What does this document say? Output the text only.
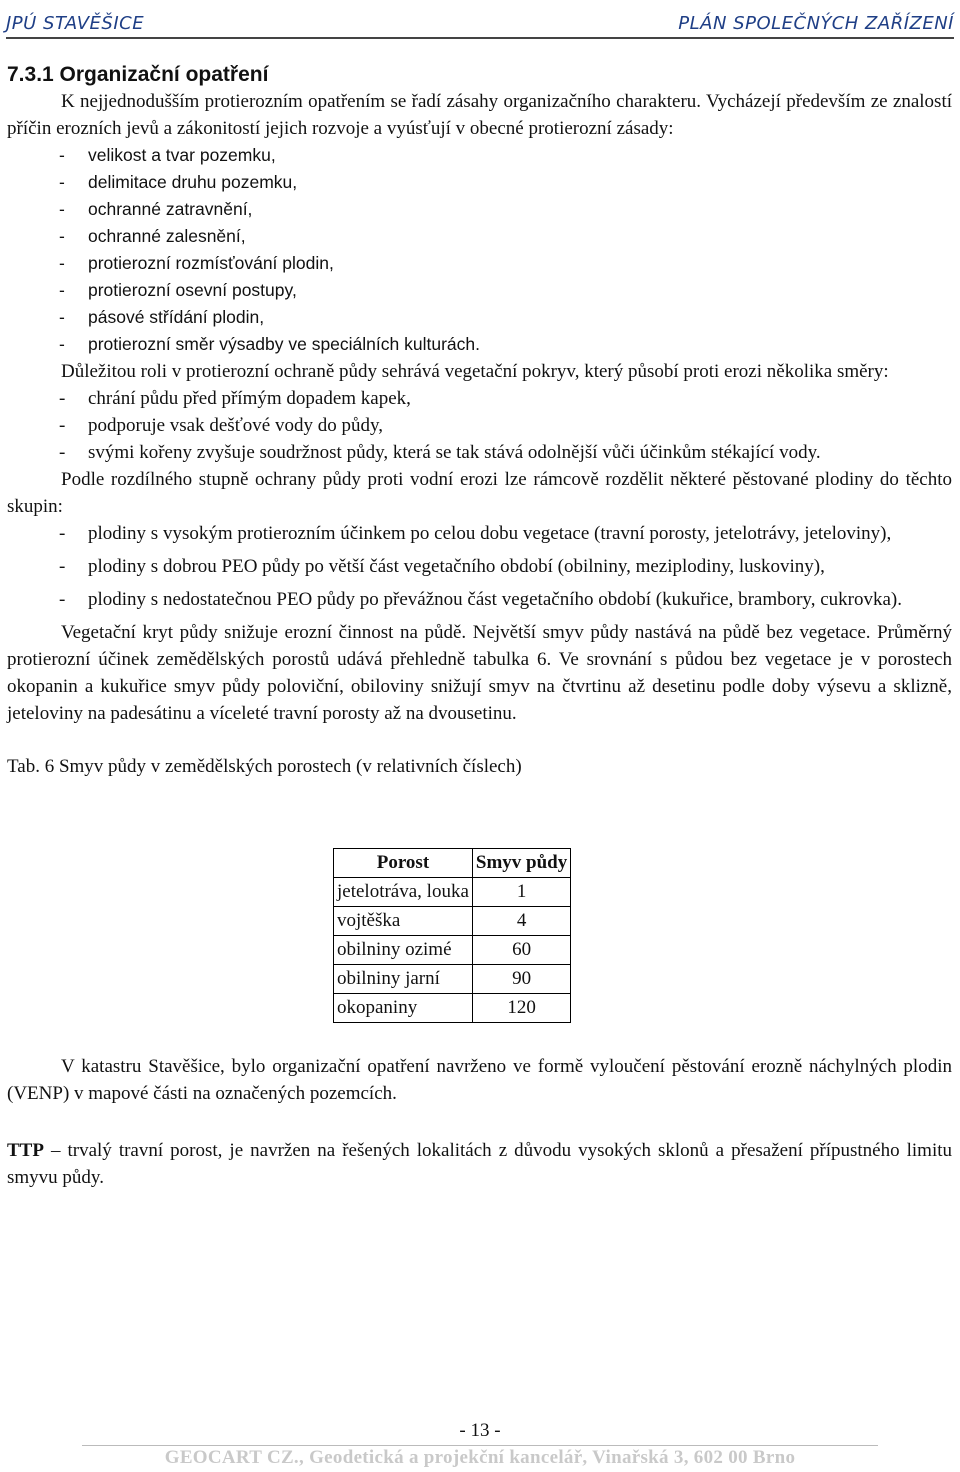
JPÚ STAVĚŠICE	PLÁN SPOLEČNÝCH ZAŘÍZENÍ
7.3.1 Organizační opatření

K nejjednodušším protierozním opatřením se řadí zásahy organizačního charakteru. Vycházejí především ze znalostí příčin erozních jevů a zákonitostí jejich rozvoje a vyúsťují v obecné protierozní zásady:

- velikost a tvar pozemku,
- delimitace druhu pozemku,
- ochranné zatravnění,
- ochranné zalesnění,
- protierozní rozmísťování plodin,
- protierozní osevní postupy,
- pásové střídání plodin,
- protierozní směr výsadby ve speciálních kulturách.

Důležitou roli v protierozní ochraně půdy sehrává vegetační pokryv, který působí proti erozi několika směry:

- chrání půdu před přímým dopadem kapek,
- podporuje vsak dešťové vody do půdy,
- svými kořeny zvyšuje soudržnost půdy, která se tak stává odolnější vůči účinkům stékající vody.

Podle rozdílného stupně ochrany půdy proti vodní erozi lze rámcově rozdělit některé pěstované plodiny do těchto skupin:

- plodiny s vysokým protierozním účinkem po celou dobu vegetace (travní porosty, jetelotrávy, jeteloviny),
- plodiny s dobrou PEO půdy po větší část vegetačního období (obilniny, meziplodiny, luskoviny),
- plodiny s nedostatečnou PEO půdy po převážnou část vegetačního období (kukuřice, brambory, cukrovka).

Vegetační kryt půdy snižuje erozní činnost na půdě. Největší smyv půdy nastává na půdě bez vegetace. Průměrný protierozní účinek zemědělských porostů udává přehledně tabulka 6. Ve srovnání s půdou bez vegetace je v porostech okopanin a kukuřice smyv půdy poloviční, obiloviny snižují smyv na čtvrtinu až desetinu podle doby výsevu a sklizně, jeteloviny na padesátinu a víceleté travní porosty až na dvousetinu.

Tab. 6 Smyv půdy v zemědělských porostech (v relativních číslech)

Porost	Smyv půdy
jetelotráva, louka	1
vojtěška	4
obilniny ozimé	60
obilniny jarní	90
okopaniny	120

V katastru Stavěšice, bylo organizační opatření navrženo ve formě vyloučení pěstování erozně náchylných plodin (VENP) v mapové části na označených pozemcích.

TTP – trvalý travní porost, je navržen na řešených lokalitách z důvodu vysokých sklonů a přesažení přípustného limitu smyvu půdy.

- 13 -
GEOCART CZ., Geodetická a projekční kancelář, Vinařská 3, 602 00 Brno
